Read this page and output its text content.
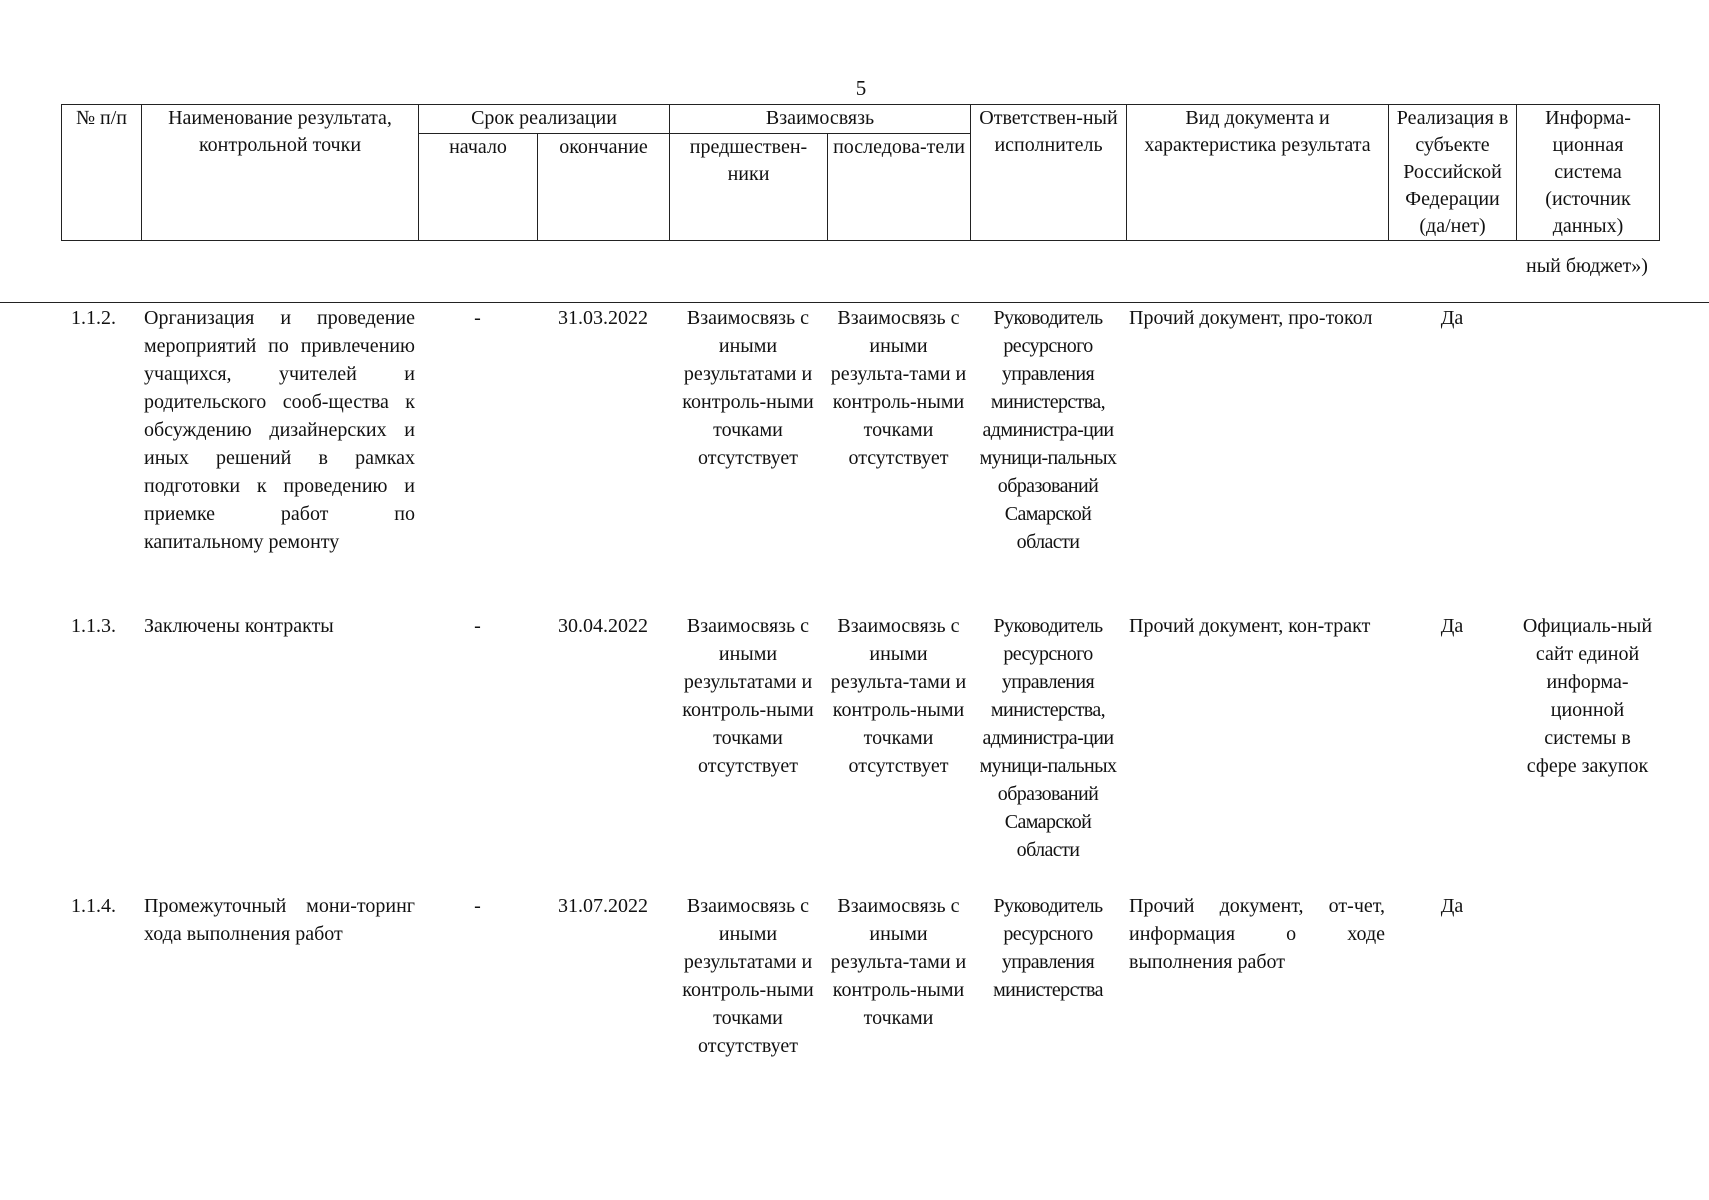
5
№ п/п	Наименование результата, контрольной точки	Срок реализации		Взаимосвязь		Ответствен-ный исполнитель	Вид документа и характеристика результата	Реализация в субъекте Российской Федерации (да/нет)	Информа-ционная система (источник данных)
		начало	окончание	предшествен-ники	последова-тели				
ный бюджет»)
1.1.2.	Организация и проведение мероприятий по привлечению учащихся, учителей и родительского сооб-щества к обсуждению дизайнерских и иных решений в рамках подготовки к проведению и приемке работ по капитальному ремонту	-	31.03.2022	Взаимосвязь с иными результатами и контроль-ными точками отсутствует	Взаимосвязь с иными результа-тами и контроль-ными точками отсутствует	Руководитель ресурсного управления министерства, администра-ции муници-пальных образований Самарской области	Прочий документ, про-токол	Да	
1.1.3.	Заключены контракты	-	30.04.2022	Взаимосвязь с иными результатами и контроль-ными точками отсутствует	Взаимосвязь с иными результа-тами и контроль-ными точками отсутствует	Руководитель ресурсного управления министерства, администра-ции муници-пальных образований Самарской области	Прочий документ, кон-тракт	Да	Официаль-ный сайт единой информа-ционной системы в сфере закупок
1.1.4.	Промежуточный мони-торинг хода выполнения работ	-	31.07.2022	Взаимосвязь с иными результатами и контроль-ными точками отсутствует	Взаимосвязь с иными результа-тами и контроль-ными точками	Руководитель ресурсного управления министерства	Прочий документ, от-чет, информация о ходе выполнения работ	Да	
